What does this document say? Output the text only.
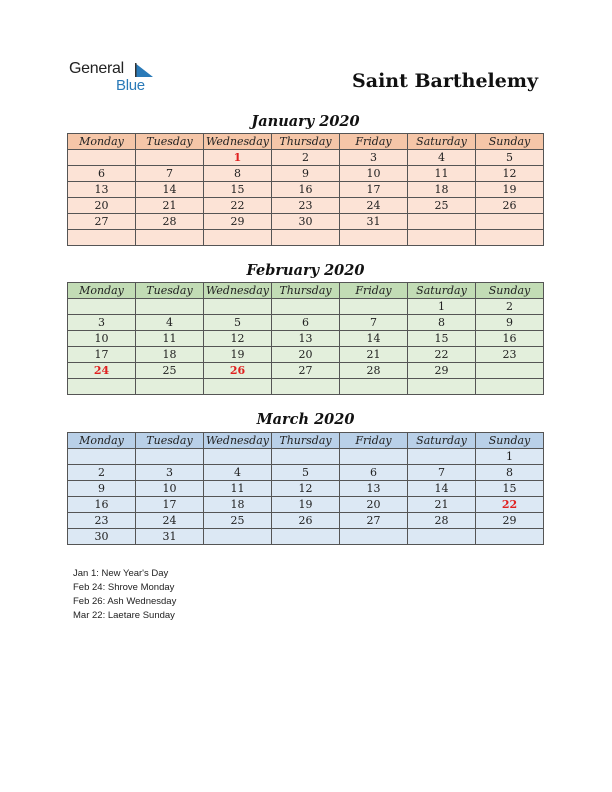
General
Blue	Saint Barthelemy
January 2020
Monday	Tuesday	Wednesday	Thursday	Friday	Saturday	Sunday
		1	2	3	4	5
6	7	8	9	10	11	12
13	14	15	16	17	18	19
20	21	22	23	24	25	26
27	28	29	30	31		

February 2020
Monday	Tuesday	Wednesday	Thursday	Friday	Saturday	Sunday
					1	2
3	4	5	6	7	8	9
10	11	12	13	14	15	16
17	18	19	20	21	22	23
24	25	26	27	28	29	

March 2020
Monday	Tuesday	Wednesday	Thursday	Friday	Saturday	Sunday
						1
2	3	4	5	6	7	8
9	10	11	12	13	14	15
16	17	18	19	20	21	22
23	24	25	26	27	28	29
30	31					
Jan 1: New Year's Day
Feb 24: Shrove Monday
Feb 26: Ash Wednesday
Mar 22: Laetare Sunday
